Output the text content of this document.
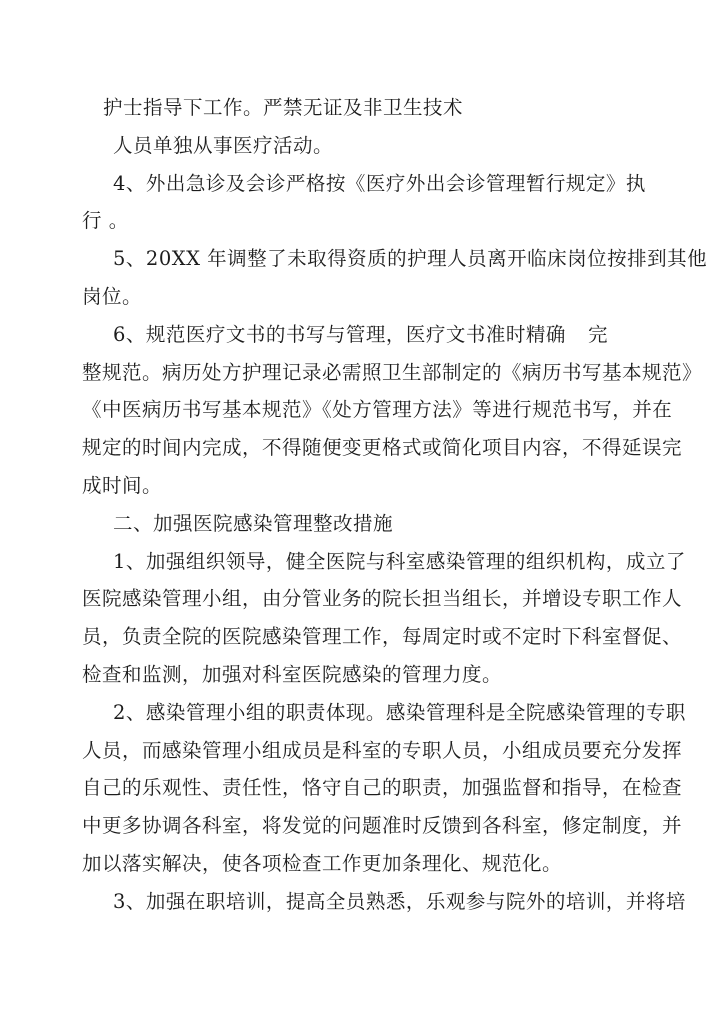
护士指导下工作。严禁无证及非卫生技术
人员单独从事医疗活动。
4、外出急诊及会诊严格按《医疗外出会诊管理暂行规定》执
行 。
5、20XX 年调整了未取得资质的护理人员离开临床岗位按排到其他
岗位。
6、规范医疗文书的书写与管理，医疗文书准时精确 完
整规范。病历处方护理记录必需照卫生部制定的《病历书写基本规范》
《中医病历书写基本规范》《处方管理方法》等进行规范书写，并在
规定的时间内完成，不得随便变更格式或简化项目内容，不得延误完
成时间。
二、加强医院感染管理整改措施
1、加强组织领导，健全医院与科室感染管理的组织机构，成立了
医院感染管理小组，由分管业务的院长担当组长，并增设专职工作人
员，负责全院的医院感染管理工作，每周定时或不定时下科室督促、
检查和监测，加强对科室医院感染的管理力度。
2、感染管理小组的职责体现。感染管理科是全院感染管理的专职
人员，而感染管理小组成员是科室的专职人员，小组成员要充分发挥
自己的乐观性、责任性，恪守自己的职责，加强监督和指导，在检查
中更多协调各科室，将发觉的问题准时反馈到各科室，修定制度，并
加以落实解决，使各项检查工作更加条理化、规范化。
3、加强在职培训，提高全员熟悉，乐观参与院外的培训，并将培
